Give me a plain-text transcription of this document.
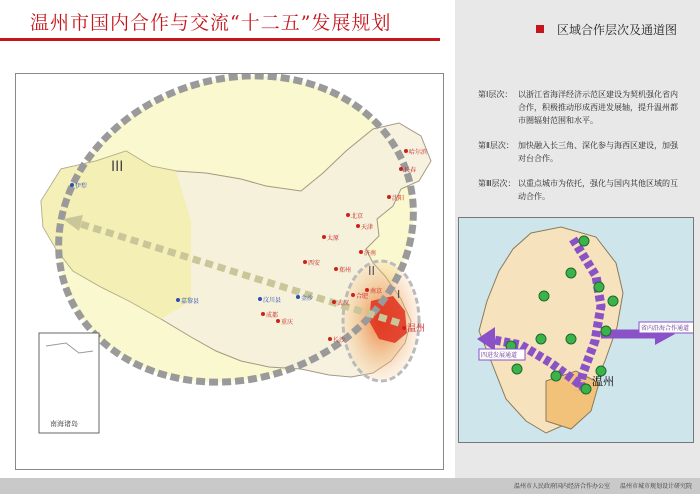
温州市国内合作与交流“十二五”发展规划	区域合作层次及通道图
第Ⅰ层次： 以浙江省海洋经济示范区建设为契机强化省内合作，积极推动形成西进发展轴，提升温州都市圈辐射范围和水平。
第Ⅱ层次： 加快融入长三角、深化参与海西区建设，加强对台合作。
第Ⅲ层次： 以重点城市为依托，强化与国内其他区域的互动合作。
哈尔滨
长春
沈阳
北京
天津
太原
济南
郑州
西安
南京
合肥
武汉
长沙
成都
重庆
汶川县
温州
伊犁
嘉黎县	金沙
III
II
I
南海诸岛
四进发展通道
省内沿海合作通道
温州
温州市人民政府国内经济合作办公室 温州市城市规划设计研究院
